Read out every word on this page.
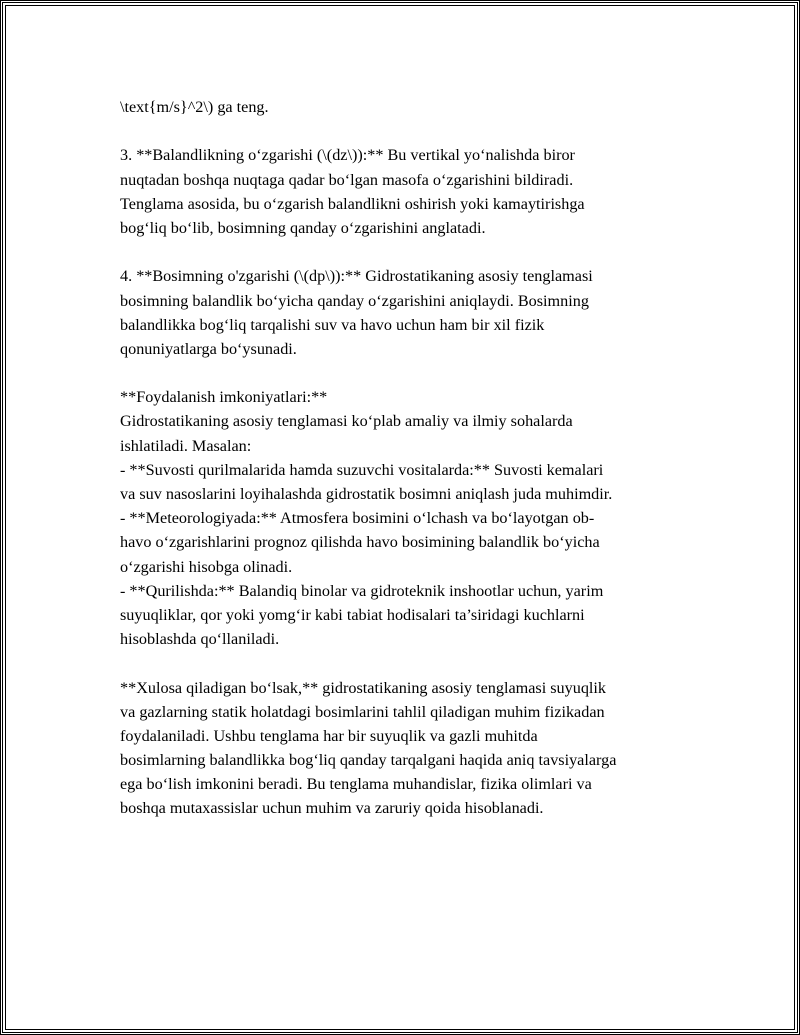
\text{m/s}^2\) ga teng.
3. **Balandlikning o‘zgarishi (\(dz\)):** Bu vertikal yo‘nalishda biror
nuqtadan boshqa nuqtaga qadar bo‘lgan masofa o‘zgarishini bildiradi.
Tenglama asosida, bu o‘zgarish balandlikni oshirish yoki kamaytirishga
bog‘liq bo‘lib, bosimning qanday o‘zgarishini anglatadi.
4. **Bosimning o'zgarishi (\(dp\)):** Gidrostatikaning asosiy tenglamasi
bosimning balandlik bo‘yicha qanday o‘zgarishini aniqlaydi. Bosimning
balandlikka bog‘liq tarqalishi suv va havo uchun ham bir xil fizik
qonuniyatlarga bo‘ysunadi.
**Foydalanish imkoniyatlari:**
Gidrostatikaning asosiy tenglamasi ko‘plab amaliy va ilmiy sohalarda
ishlatiladi. Masalan:
- **Suvosti qurilmalarida hamda suzuvchi vositalarda:** Suvosti kemalari
va suv nasoslarini loyihalashda gidrostatik bosimni aniqlash juda muhimdir.
- **Meteorologiyada:** Atmosfera bosimini o‘lchash va bo‘layotgan ob-
havo o‘zgarishlarini prognoz qilishda havo bosimining balandlik bo‘yicha
o‘zgarishi hisobga olinadi.
- **Qurilishda:** Balandiq binolar va gidroteknik inshootlar uchun, yarim
suyuqliklar, qor yoki yomg‘ir kabi tabiat hodisalari ta’siridagi kuchlarni
hisoblashda qo‘llaniladi.
**Xulosa qiladigan bo‘lsak,** gidrostatikaning asosiy tenglamasi suyuqlik
va gazlarning statik holatdagi bosimlarini tahlil qiladigan muhim fizikadan
foydalaniladi. Ushbu tenglama har bir suyuqlik va gazli muhitda
bosimlarning balandlikka bog‘liq qanday tarqalgani haqida aniq tavsiyalarga
ega bo‘lish imkonini beradi. Bu tenglama muhandislar, fizika olimlari va
boshqa mutaxassislar uchun muhim va zaruriy qoida hisoblanadi.
